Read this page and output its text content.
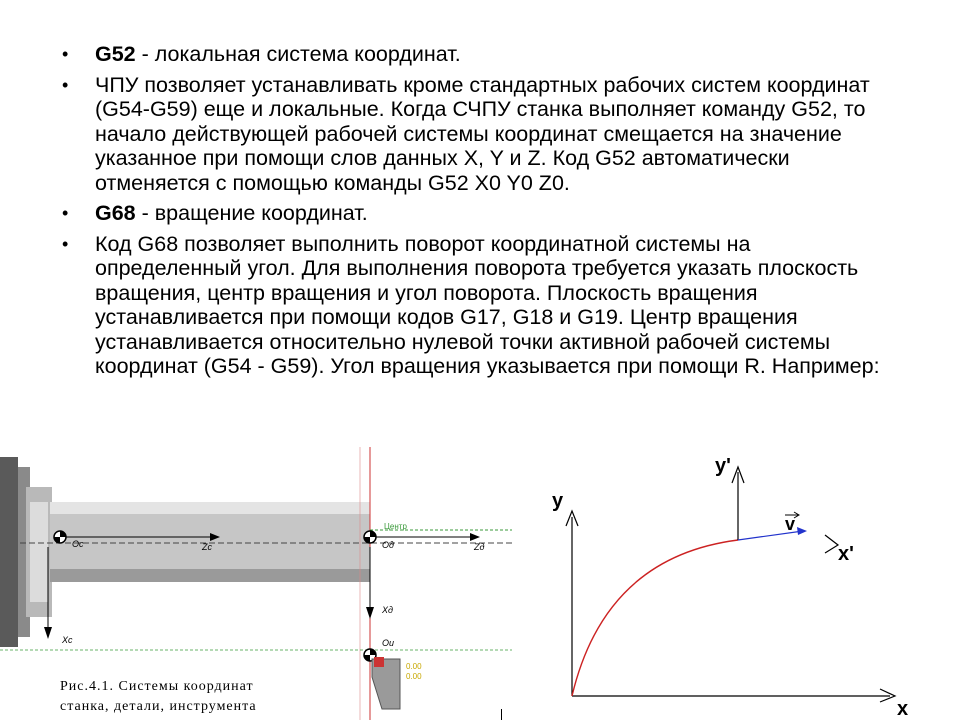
• G52 - локальная система координат.
• ЧПУ позволяет устанавливать кроме стандартных рабочих систем координат (G54-G59) еще и локальные. Когда СЧПУ станка выполняет команду G52, то начало действующей рабочей системы координат смещается на значение указанное при помощи слов данных X, Y и Z. Код G52 автоматически отменяется с помощью команды G52 X0 Y0 Z0.
• G68 - вращение координат.
• Код G68 позволяет выполнить поворот координатной системы на определенный угол. Для выполнения поворота требуется указать плоскость вращения, центр вращения и угол поворота. Плоскость вращения устанавливается при помощи кодов G17, G18 и G19. Центр вращения устанавливается относительно нулевой точки активной рабочей системы координат (G54 - G59). Угол вращения указывается при помощи R. Например:
Oс	Zс	Oд	Zд
Xд
Xс	Oи
Центр
0.00
0.00
Рис.4.1. Системы координат
станка, детали, инструмента
y
x
y'
x'
v
